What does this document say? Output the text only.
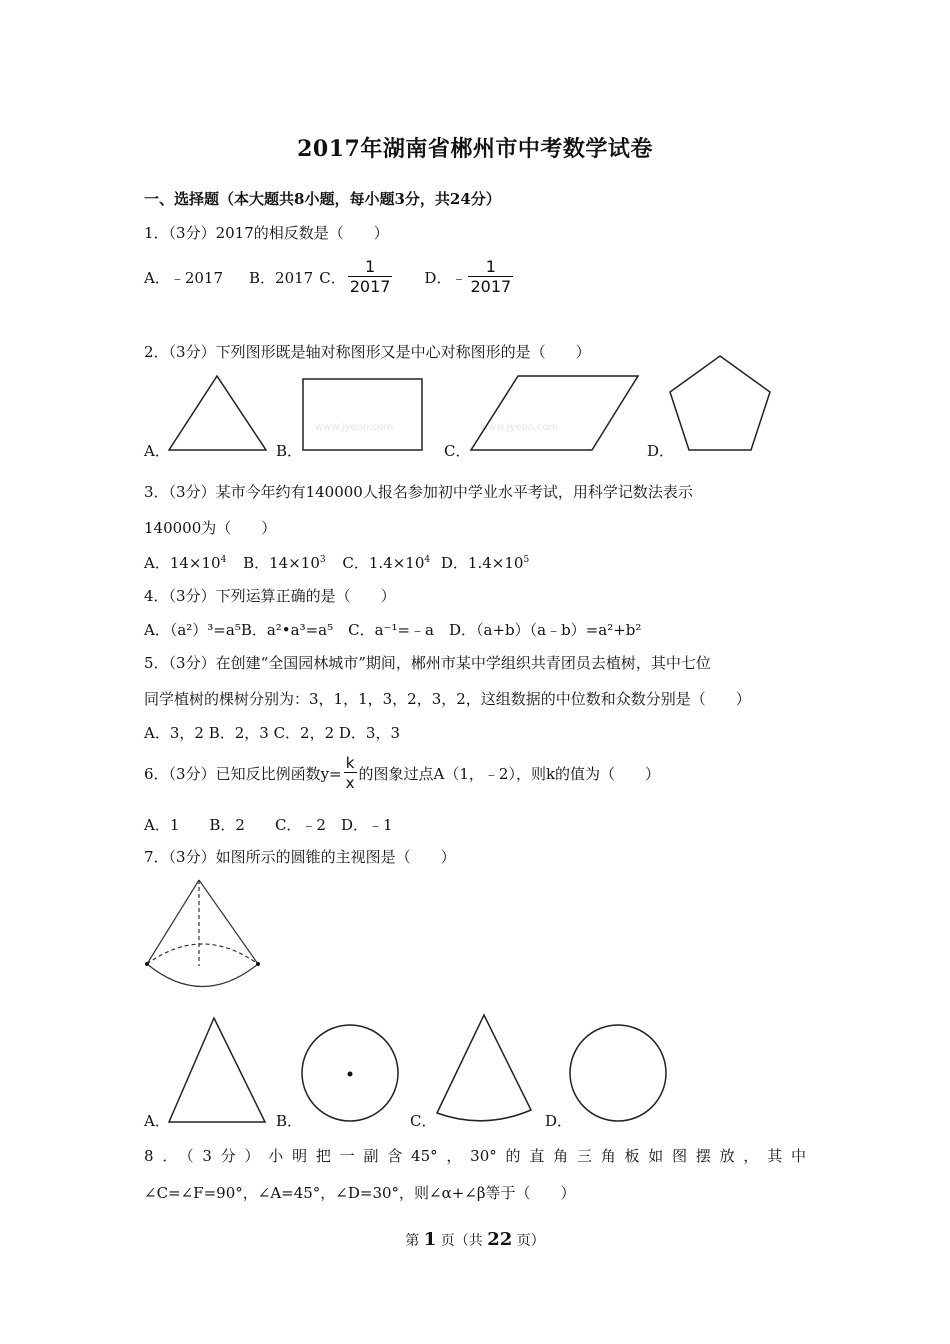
2017年湖南省郴州市中考数学试卷
一、选择题（本大题共8小题，每小题3分，共24分）
1．（3分）2017的相反数是（　　）
A．﹣2017 B．2017 C． $\frac{1}{2017}$ D．﹣ $\frac{1}{2017}$
2．（3分）下列图形既是轴对称图形又是中心对称图形的是（　　）
www.jyeoo.com	www.jyeoo.com
A．	B．	C．	D．
3．（3分）某市今年约有140000人报名参加初中学业水平考试，用科学记数法表示
140000为（　　）
A．$14\times 10^4$ B．$14\times 10^3$ C．$1.4\times 10^4$ D．$1.4\times 10^5$
4．（3分）下列运算正确的是（　　）
A．（a²）³=a⁵B．a²•a³=a⁵　C．a⁻¹=﹣a　D．（a+b）（a﹣b）=a²+b²
5．（3分）在创建“全国园林城市”期间，郴州市某中学组织共青团员去植树，其中七位
同学植树的棵树分别为：3，1，1，3，2，3，2，这组数据的中位数和众数分别是（　　）
A．3，2 B．2，3 C．2，2 D．3，3
6．（3分）已知反比例函数$y= \frac{k}{x}$ 的图象过点A（1，﹣2），则k的值为（　　）
A．1　　B．2　　C．﹣2　D．﹣1
7．（3分）如图所示的圆锥的主视图是（　　）
A．	B．	C．	D．
8．（3分）小明把一副含45°，30°的直角三角板如图摆放，其中
∠C=∠F=90°，∠A=45°，∠D=30°，则∠α+∠β等于（　　）
第 1 页（共 22 页）
